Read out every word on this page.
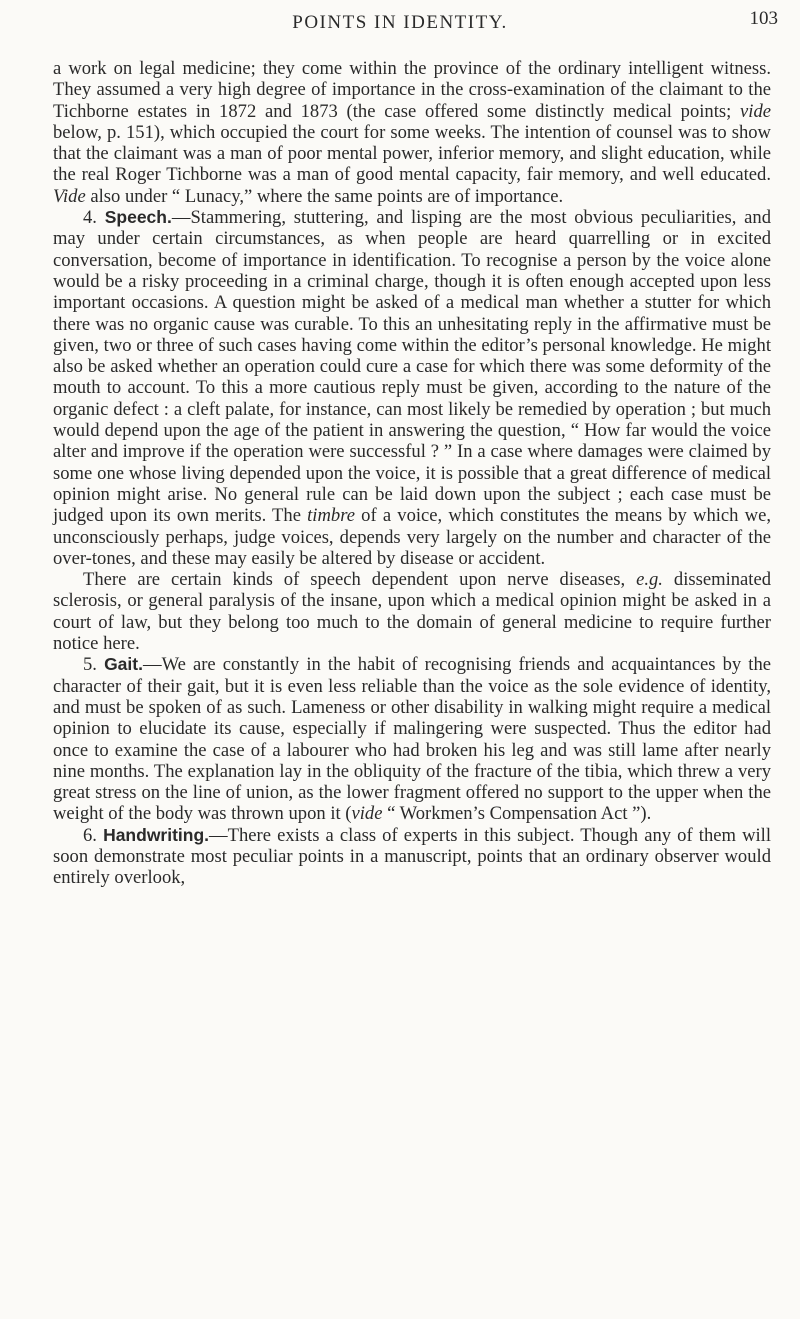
POINTS IN IDENTITY.	103

a work on legal medicine; they come within the province of the ordinary intelligent witness. They assumed a very high degree of importance in the cross-examination of the claimant to the Tichborne estates in 1872 and 1873 (the case offered some distinctly medical points; vide below, p. 151), which occupied the court for some weeks. The intention of counsel was to show that the claimant was a man of poor mental power, inferior memory, and slight education, while the real Roger Tichborne was a man of good mental capacity, fair memory, and well educated. Vide also under “ Lunacy,” where the same points are of importance.

4. Speech.—Stammering, stuttering, and lisping are the most obvious peculiarities, and may under certain circumstances, as when people are heard quarrelling or in excited conversation, become of importance in identification. To recognise a person by the voice alone would be a risky proceeding in a criminal charge, though it is often enough accepted upon less important occasions. A question might be asked of a medical man whether a stutter for which there was no organic cause was curable. To this an unhesitating reply in the affirmative must be given, two or three of such cases having come within the editor’s personal knowledge. He might also be asked whether an operation could cure a case for which there was some deformity of the mouth to account. To this a more cautious reply must be given, according to the nature of the organic defect : a cleft palate, for instance, can most likely be remedied by operation ; but much would depend upon the age of the patient in answering the question, “ How far would the voice alter and improve if the operation were successful ? ” In a case where damages were claimed by some one whose living depended upon the voice, it is possible that a great difference of medical opinion might arise. No general rule can be laid down upon the subject ; each case must be judged upon its own merits. The timbre of a voice, which constitutes the means by which we, unconsciously perhaps, judge voices, depends very largely on the number and character of the over-tones, and these may easily be altered by disease or accident.

There are certain kinds of speech dependent upon nerve diseases, e.g. disseminated sclerosis, or general paralysis of the insane, upon which a medical opinion might be asked in a court of law, but they belong too much to the domain of general medicine to require further notice here.

5. Gait.—We are constantly in the habit of recognising friends and acquaintances by the character of their gait, but it is even less reliable than the voice as the sole evidence of identity, and must be spoken of as such. Lameness or other disability in walking might require a medical opinion to elucidate its cause, especially if malingering were suspected. Thus the editor had once to examine the case of a labourer who had broken his leg and was still lame after nearly nine months. The explanation lay in the obliquity of the fracture of the tibia, which threw a very great stress on the line of union, as the lower fragment offered no support to the upper when the weight of the body was thrown upon it (vide “ Workmen’s Compensation Act ”).

6. Handwriting.—There exists a class of experts in this subject. Though any of them will soon demonstrate most peculiar points in a manuscript, points that an ordinary observer would entirely overlook,
